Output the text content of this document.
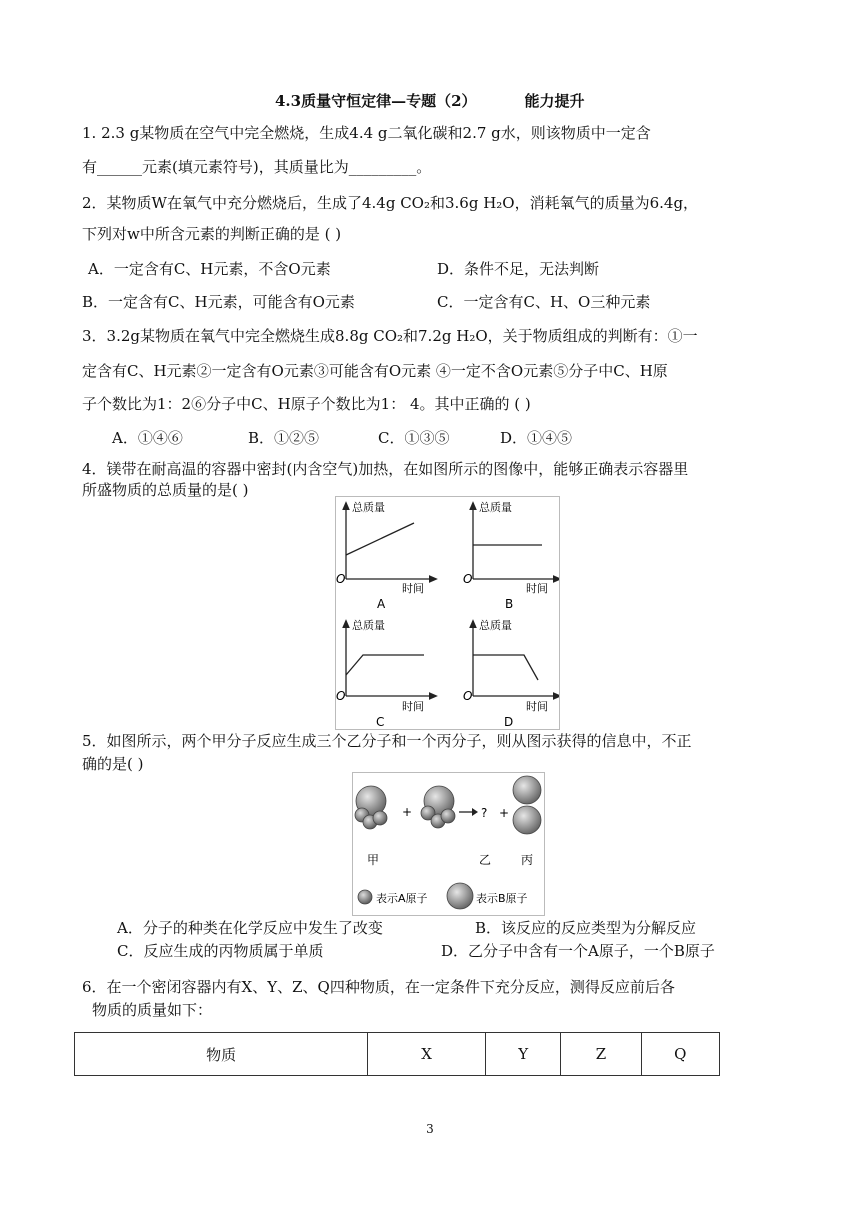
4.3质量守恒定律—专题（2）	能力提升
1. 2.3 g某物质在空气中完全燃烧，生成4.4 g二氧化碳和2.7 g水，则该物质中一定含
有______元素(填元素符号)，其质量比为_________。
2．某物质W在氧气中充分燃烧后，生成了4.4g CO₂和3.6g H₂O，消耗氧气的质量为6.4g，
下列对w中所含元素的判断正确的是 ( )
A．一定含有C、H元素，不含O元素	D．条件不足，无法判断
B．一定含有C、H元素，可能含有O元素	C．一定含有C、H、O三种元素
3．3.2g某物质在氧气中完全燃烧生成8.8g CO₂和7.2g H₂O，关于物质组成的判断有：①一
定含有C、H元素②一定含有O元素③可能含有O元素 ④一定不含O元素⑤分子中C、H原
子个数比为1：2⑥分子中C、H原子个数比为1： 4。其中正确的 ( )
A．①④⑥	B．①②⑤	C．①③⑤	D．①④⑤
4．镁带在耐高温的容器中密封(内含空气)加热，在如图所示的图像中，能够正确表示容器里
所盛物质的总质量的是( )
总质量
时间
O
A
总质量
时间
O
B
总质量
时间
O
C
总质量
时间
O
D
5．如图所示，两个甲分子反应生成三个乙分子和一个丙分子，则从图示获得的信息中，不正
确的是( )
+	? +
甲	乙 丙
表示A原子	表示B原子
A．分子的种类在化学反应中发生了改变	B．该反应的反应类型为分解反应
C．反应生成的丙物质属于单质	D．乙分子中含有一个A原子，一个B原子
6．在一个密闭容器内有X、Y、Z、Q四种物质，在一定条件下充分反应，测得反应前后各
物质的质量如下：
物质	X	Y	Z	Q
3
